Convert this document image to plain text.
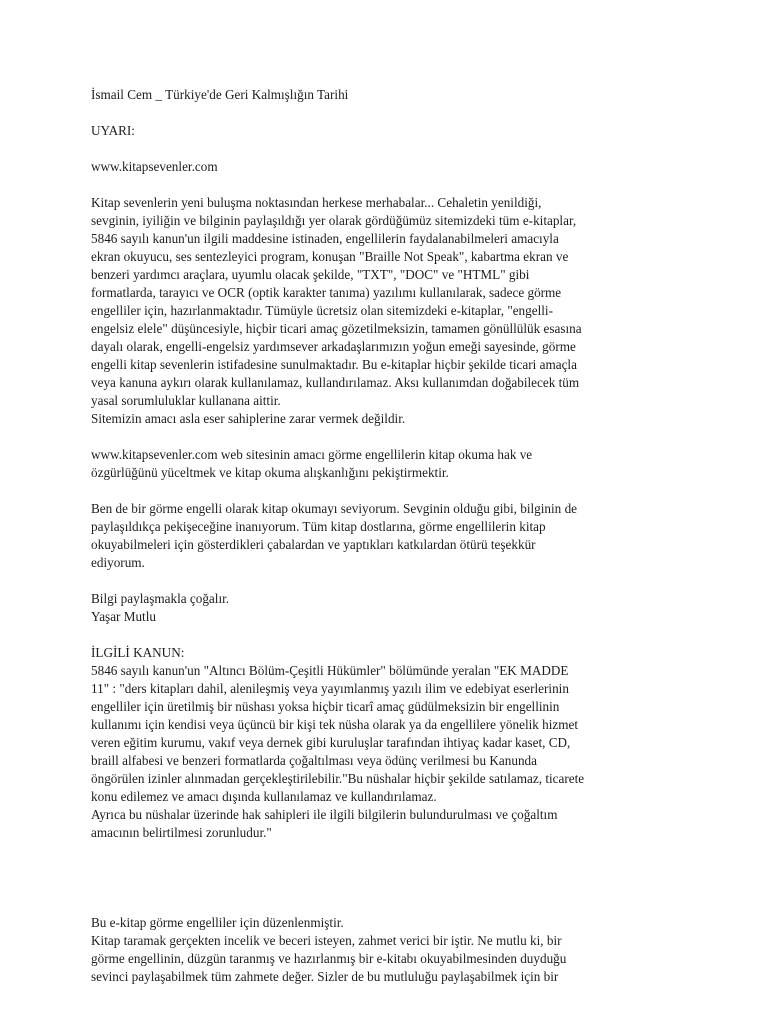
İsmail Cem _ Türkiye'de Geri Kalmışlığın Tarihi
UYARI:
www.kitapsevenler.com
Kitap sevenlerin yeni buluşma noktasından herkese merhabalar... Cehaletin yenildiği,
sevginin, iyiliğin ve bilginin paylaşıldığı yer olarak gördüğümüz sitemizdeki tüm e-kitaplar,
5846 sayılı kanun'un ilgili maddesine istinaden, engellilerin faydalanabilmeleri amacıyla
ekran okuyucu, ses sentezleyici program, konuşan "Braille Not Speak", kabartma ekran ve
benzeri yardımcı araçlara, uyumlu olacak şekilde, "TXT", "DOC" ve "HTML" gibi
formatlarda, tarayıcı ve OCR (optik karakter tanıma) yazılımı kullanılarak, sadece görme
engelliler için, hazırlanmaktadır. Tümüyle ücretsiz olan sitemizdeki e-kitaplar, "engelli-
engelsiz elele" düşüncesiyle, hiçbir ticari amaç gözetilmeksizin, tamamen gönüllülük esasına
dayalı olarak, engelli-engelsiz yardımsever arkadaşlarımızın yoğun emeği sayesinde, görme
engelli kitap sevenlerin istifadesine sunulmaktadır. Bu e-kitaplar hiçbir şekilde ticari amaçla
veya kanuna aykırı olarak kullanılamaz, kullandırılamaz. Aksı kullanımdan doğabilecek tüm
yasal sorumluluklar kullanana aittir.
Sitemizin amacı asla eser sahiplerine zarar vermek değildir.
www.kitapsevenler.com web sitesinin amacı görme engellilerin kitap okuma hak ve
özgürlüğünü yüceltmek ve kitap okuma alışkanlığını pekiştirmektir.
Ben de bir görme engelli olarak kitap okumayı seviyorum. Sevginin olduğu gibi, bilginin de
paylaşıldıkça pekişeceğine inanıyorum. Tüm kitap dostlarına, görme engellilerin kitap
okuyabilmeleri için gösterdikleri çabalardan ve yaptıkları katkılardan ötürü teşekkür
ediyorum.
Bilgi paylaşmakla çoğalır.
Yaşar Mutlu
İLGİLİ KANUN:
5846 sayılı kanun'un "Altıncı Bölüm-Çeşitli Hükümler" bölümünde yeralan "EK MADDE
11" : "ders kitapları dahil, alenileşmiş veya yayımlanmış yazılı ilim ve edebiyat eserlerinin
engelliler için üretilmiş bir nüshası yoksa hiçbir ticarî amaç güdülmeksizin bir engellinin
kullanımı için kendisi veya üçüncü bir kişi tek nüsha olarak ya da engellilere yönelik hizmet
veren eğitim kurumu, vakıf veya dernek gibi kuruluşlar tarafından ihtiyaç kadar kaset, CD,
braill alfabesi ve benzeri formatlarda çoğaltılması veya ödünç verilmesi bu Kanunda
öngörülen izinler alınmadan gerçekleştirilebilir."Bu nüshalar hiçbir şekilde satılamaz, ticarete
konu edilemez ve amacı dışında kullanılamaz ve kullandırılamaz.
Ayrıca bu nüshalar üzerinde hak sahipleri ile ilgili bilgilerin bulundurulması ve çoğaltım
amacının belirtilmesi zorunludur."
Bu e-kitap görme engelliler için düzenlenmiştir.
Kitap taramak gerçekten incelik ve beceri isteyen, zahmet verici bir iştir. Ne mutlu ki, bir
görme engellinin, düzgün taranmış ve hazırlanmış bir e-kitabı okuyabilmesinden duyduğu
sevinci paylaşabilmek tüm zahmete değer. Sizler de bu mutluluğu paylaşabilmek için bir
